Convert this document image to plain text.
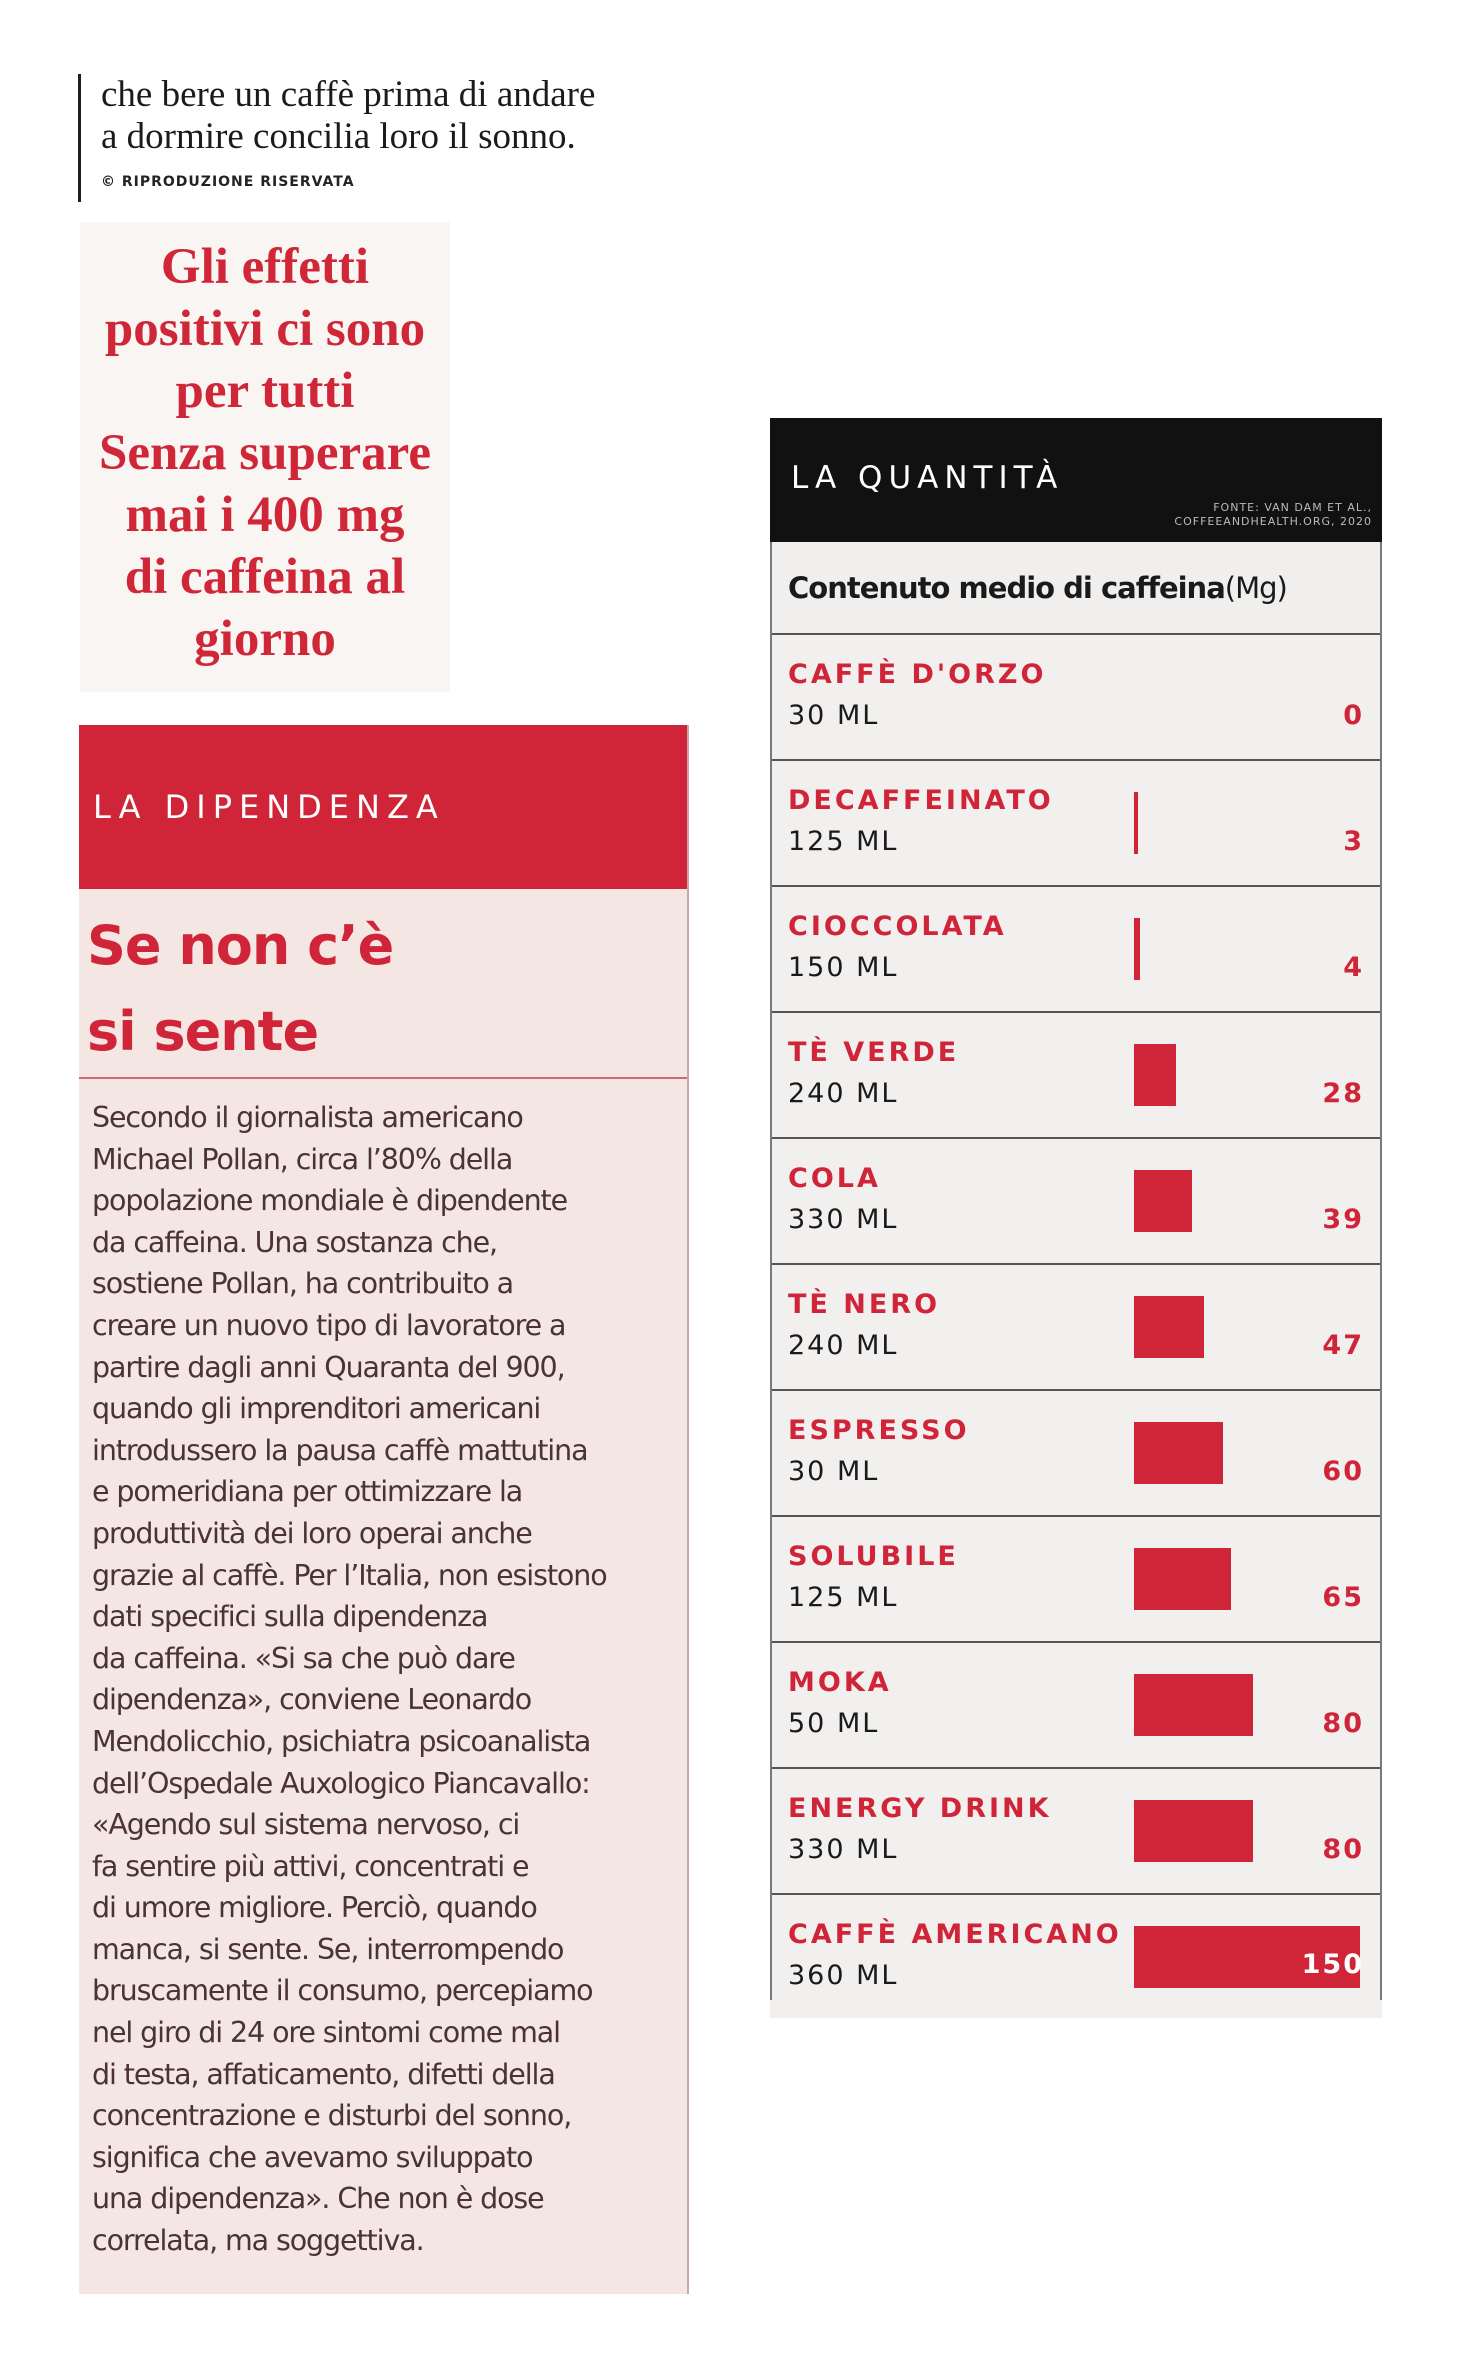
che bere un caffè prima di andare
a dormire concilia loro il sonno.
© RIPRODUZIONE RISERVATA
Gli effetti
positivi ci sono
per tutti
Senza superare
mai i 400 mg
di caffeina al
giorno
LA DIPENDENZA
Se non c’è
si sente
Secondo il giornalista americano
Michael Pollan, circa l’80% della
popolazione mondiale è dipendente
da caffeina. Una sostanza che,
sostiene Pollan, ha contribuito a
creare un nuovo tipo di lavoratore a
partire dagli anni Quaranta del 900,
quando gli imprenditori americani
introdussero la pausa caffè mattutina
e pomeridiana per ottimizzare la
produttività dei loro operai anche
grazie al caffè. Per l’Italia, non esistono
dati specifici sulla dipendenza
da caffeina. «Si sa che può dare
dipendenza», conviene Leonardo
Mendolicchio, psichiatra psicoanalista
dell’Ospedale Auxologico Piancavallo:
«Agendo sul sistema nervoso, ci
fa sentire più attivi, concentrati e
di umore migliore. Perciò, quando
manca, si sente. Se, interrompendo
bruscamente il consumo, percepiamo
nel giro di 24 ore sintomi come mal
di testa, affaticamento, difetti della
concentrazione e disturbi del sonno,
significa che avevamo sviluppato
una dipendenza». Che non è dose
correlata, ma soggettiva.
LA QUANTITÀ
FONTE: VAN DAM ET AL.,
COFFEEANDHEALTH.ORG, 2020
Contenuto medio di caffeina (Mg)
CAFFÈ D'ORZO
30 ML	0
DECAFFEINATO
125 ML	3
CIOCCOLATA
150 ML	4
TÈ VERDE
240 ML	28
COLA
330 ML	39
TÈ NERO
240 ML	47
ESPRESSO
30 ML	60
SOLUBILE
125 ML	65
MOKA
50 ML	80
ENERGY DRINK
330 ML	80
CAFFÈ AMERICANO
360 ML	150
